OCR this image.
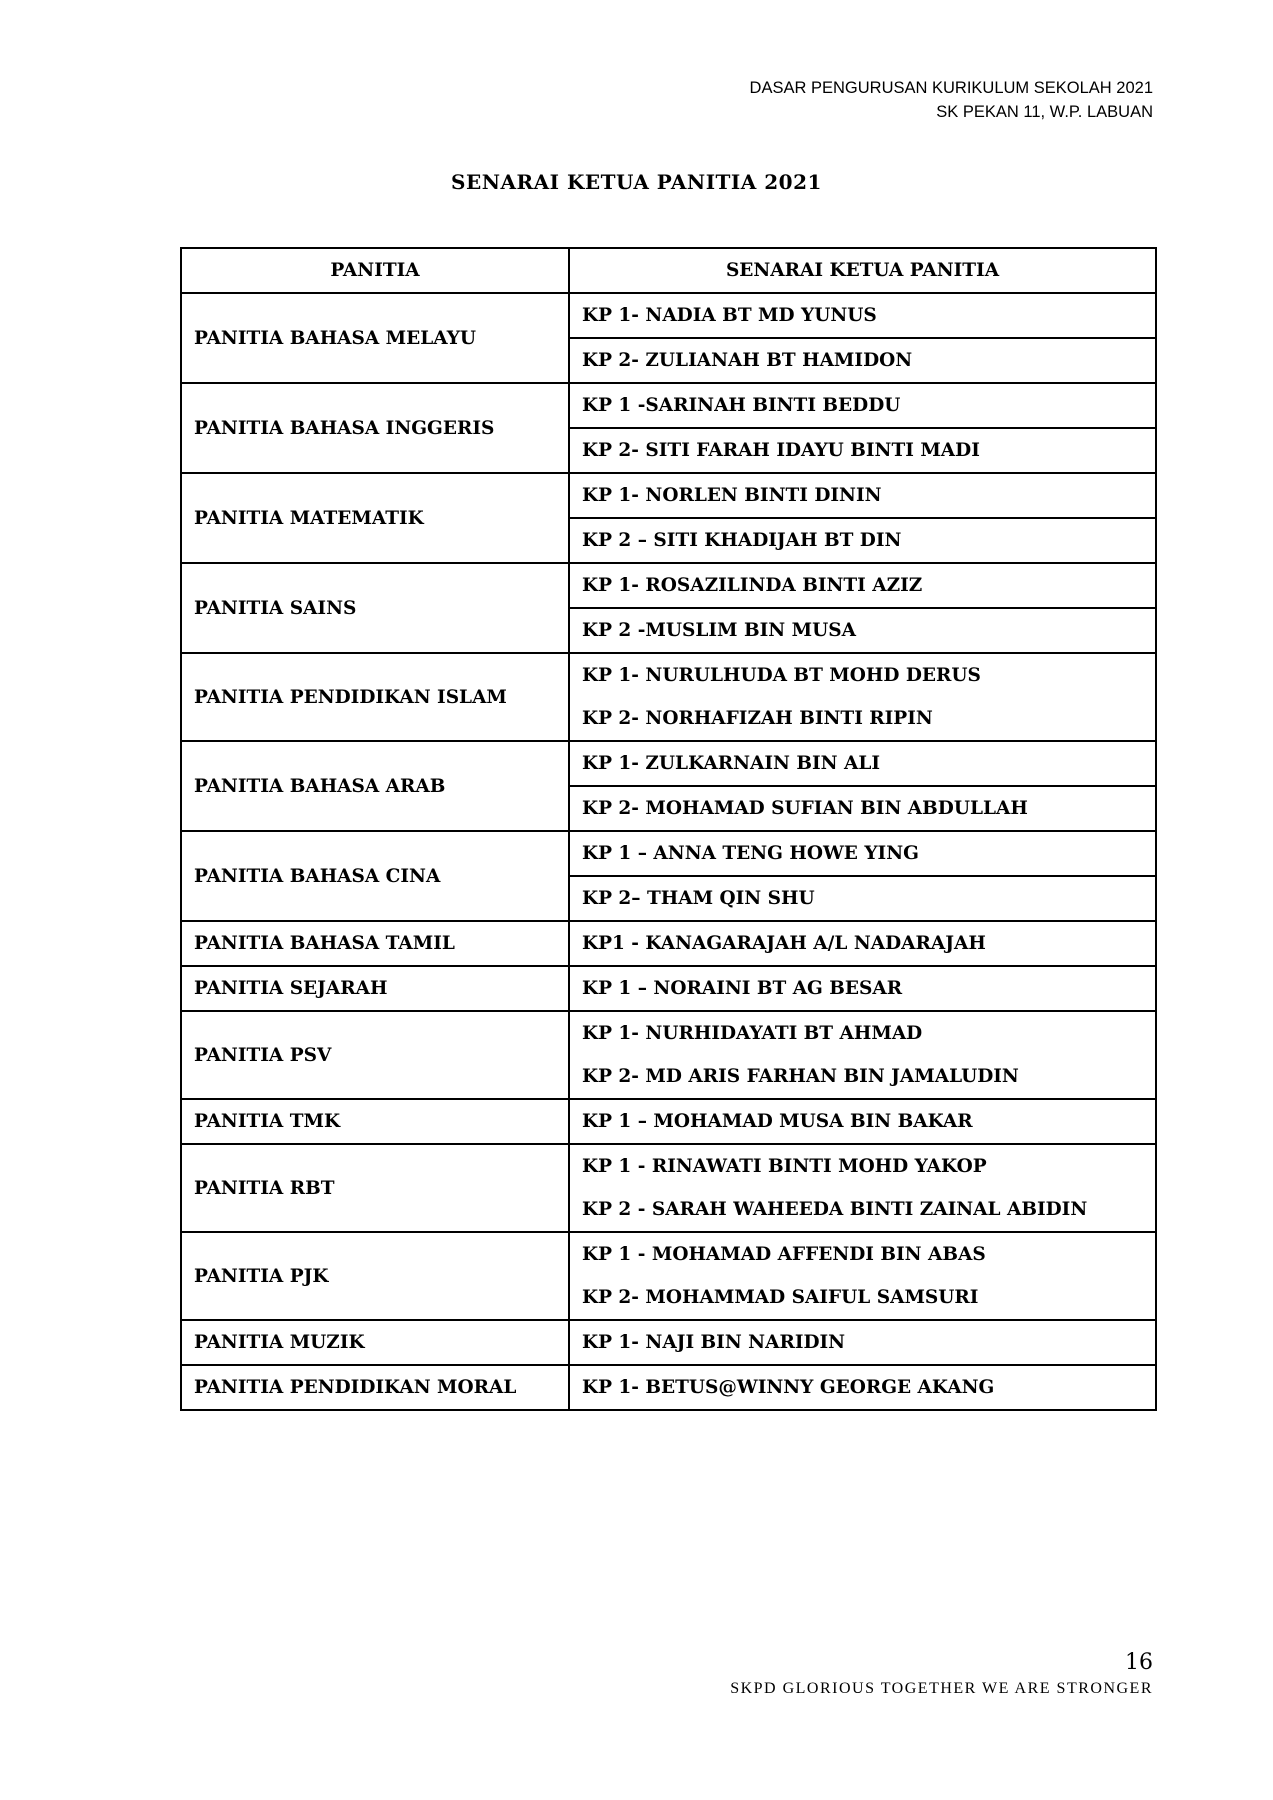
DASAR PENGURUSAN KURIKULUM SEKOLAH 2021
SK PEKAN 11, W.P. LABUAN
SENARAI KETUA PANITIA 2021
PANITIA	SENARAI KETUA PANITIA
PANITIA BAHASA MELAYU	KP 1- NADIA BT MD YUNUS
	KP 2- ZULIANAH BT HAMIDON
PANITIA BAHASA INGGERIS	KP 1 -SARINAH BINTI BEDDU
	KP 2- SITI FARAH IDAYU BINTI MADI
PANITIA MATEMATIK	KP 1- NORLEN BINTI DININ
	KP 2 – SITI KHADIJAH BT DIN
PANITIA SAINS	KP 1- ROSAZILINDA BINTI AZIZ
	KP 2 -MUSLIM BIN MUSA
PANITIA PENDIDIKAN ISLAM	KP 1- NURULHUDA BT MOHD DERUS
	KP 2- NORHAFIZAH BINTI RIPIN
PANITIA BAHASA ARAB	KP 1- ZULKARNAIN BIN ALI
	KP 2- MOHAMAD SUFIAN BIN ABDULLAH
PANITIA BAHASA CINA	KP 1 – ANNA TENG HOWE YING
	KP 2– THAM QIN SHU
PANITIA BAHASA TAMIL	KP1 - KANAGARAJAH A/L NADARAJAH
PANITIA SEJARAH	KP 1 – NORAINI BT AG BESAR
PANITIA PSV	KP 1- NURHIDAYATI BT AHMAD
	KP 2- MD ARIS FARHAN BIN JAMALUDIN
PANITIA TMK	KP 1 – MOHAMAD MUSA BIN BAKAR
PANITIA RBT	KP 1 - RINAWATI BINTI MOHD YAKOP
	KP 2 - SARAH WAHEEDA BINTI ZAINAL ABIDIN
PANITIA PJK	KP 1 - MOHAMAD AFFENDI BIN ABAS
	KP 2- MOHAMMAD SAIFUL SAMSURI
PANITIA MUZIK	KP 1- NAJI BIN NARIDIN
PANITIA PENDIDIKAN MORAL	KP 1- BETUS@WINNY GEORGE AKANG
16
SKPD GLORIOUS TOGETHER WE ARE STRONGER
